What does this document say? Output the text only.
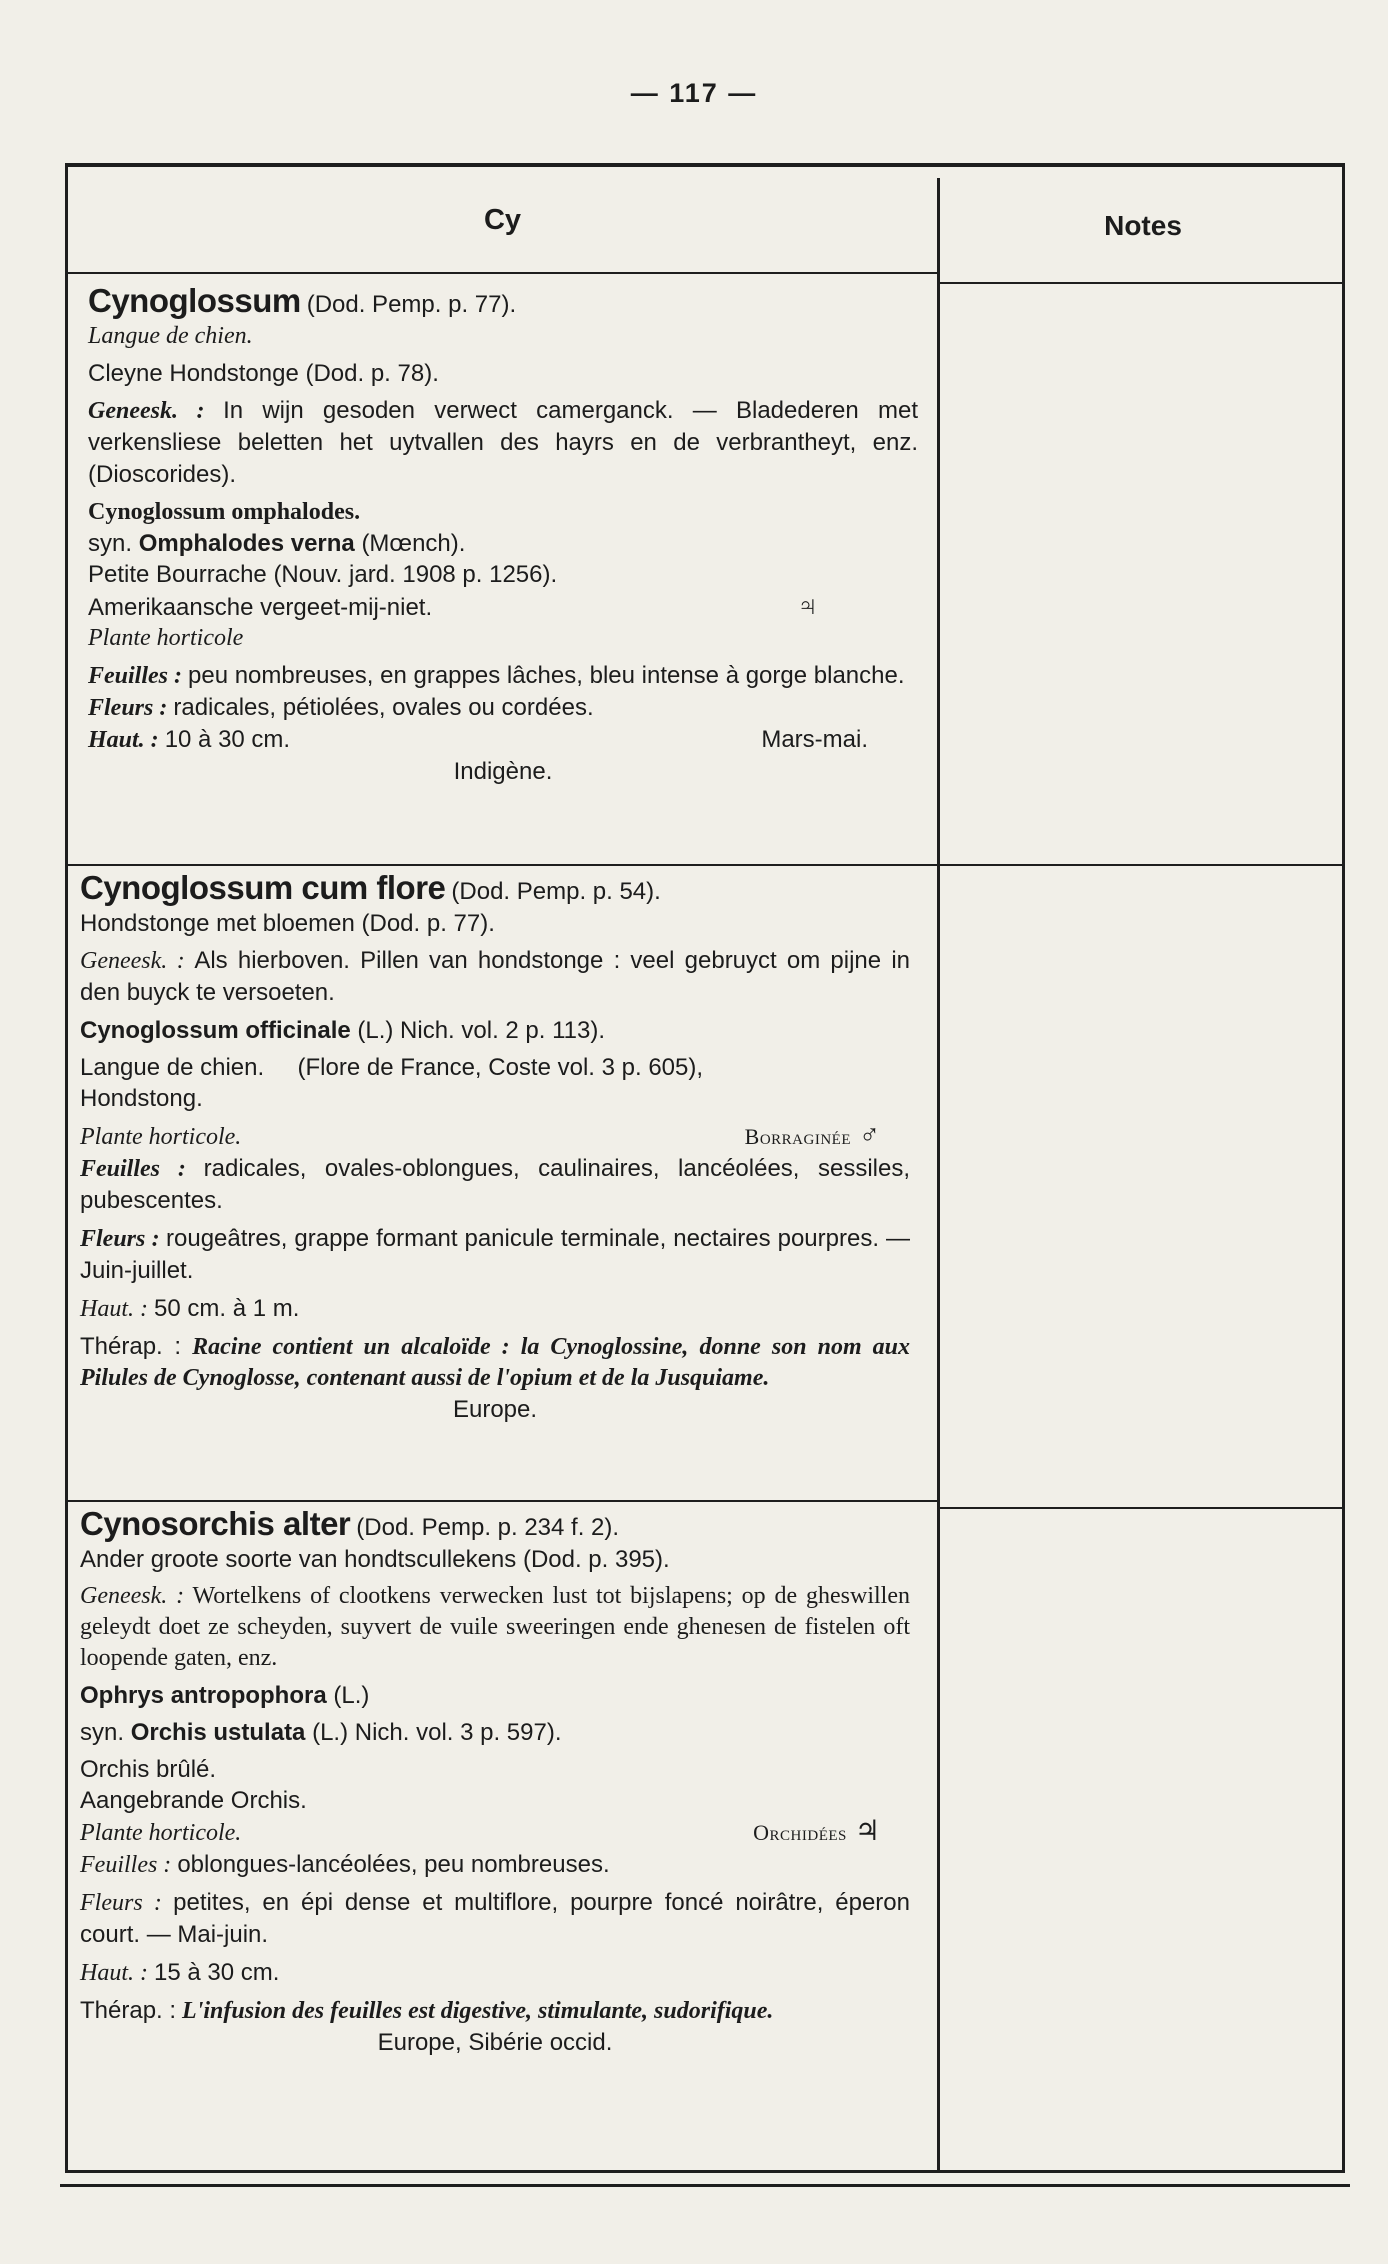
— 117 —
Cy	Notes

Cynoglossum (Dod. Pemp. p. 77).

Langue de chien.

Cleyne Hondstonge (Dod. p. 78).

Geneesk. : In wijn gesoden verwect camerganck. — Bladederen met verkensliese beletten het uytvallen des hayrs en de verbrantheyt, enz. (Dioscorides).

Cynoglossum omphalodes.

syn. Omphalodes verna (Mœnch).

Petite Bourrache (Nouv. jard. 1908 p. 1256).

Amerikaansche vergeet-mij-niet.	♃

Plante horticole

Feuilles : peu nombreuses, en grappes lâches, bleu intense à gorge blanche.

Fleurs : radicales, pétiolées, ovales ou cordées.

Haut. : 10 à 30 cm.	Mars-mai.

Indigène.

Cynoglossum cum flore (Dod. Pemp. p. 54).

Hondstonge met bloemen (Dod. p. 77).

Geneesk. : Als hierboven. Pillen van hondstonge : veel gebruyct om pijne in den buyck te versoeten.

Cynoglossum officinale (L.) Nich. vol. 2 p. 113).

Langue de chien. (Flore de France, Coste vol. 3 p. 605),

Hondstong.

Plante horticole.	Borraginée ♂

Feuilles : radicales, ovales-oblongues, caulinaires, lancéolées, sessiles, pubescentes.

Fleurs : rougeâtres, grappe formant panicule terminale, nectaires pourpres. — Juin-juillet.

Haut. : 50 cm. à 1 m.

Thérap. : Racine contient un alcaloïde : la Cynoglossine, donne son nom aux Pilules de Cynoglosse, contenant aussi de l'opium et de la Jusquiame.

Europe.

Cynosorchis alter (Dod. Pemp. p. 234 f. 2).

Ander groote soorte van hondtscullekens (Dod. p. 395).

Geneesk. : Wortelkens of clootkens verwecken lust tot bijslapens; op de gheswillen geleydt doet ze scheyden, suyvert de vuile sweeringen ende ghenesen de fistelen oft loopende gaten, enz.

Ophrys antropophora (L.)

syn. Orchis ustulata (L.) Nich. vol. 3 p. 597).

Orchis brûlé.

Aangebrande Orchis.

Plante horticole.	Orchidées ♃

Feuilles : oblongues-lancéolées, peu nombreuses.

Fleurs : petites, en épi dense et multiflore, pourpre foncé noirâtre, éperon court. — Mai-juin.

Haut. : 15 à 30 cm.

Thérap. : L'infusion des feuilles est digestive, stimulante, sudorifique.

Europe, Sibérie occid.
